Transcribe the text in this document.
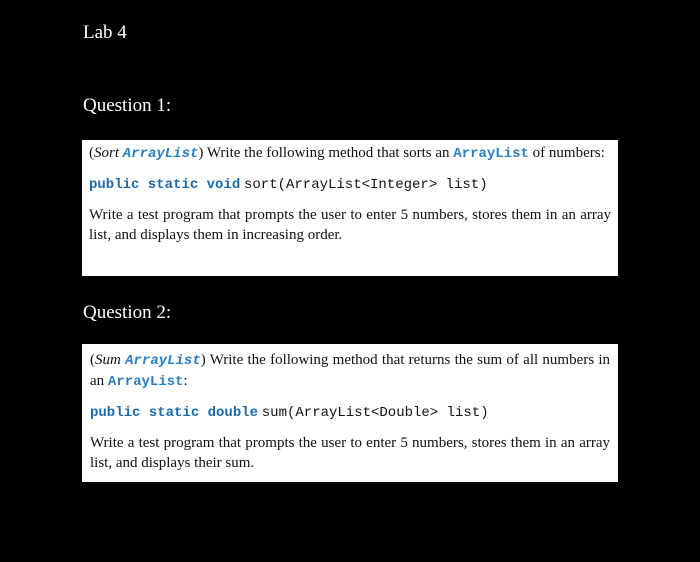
Lab 4
Question 1:

(Sort ArrayList) Write the following method that sorts an ArrayList of numbers:

public static void sort(ArrayList<Integer> list)

Write a test program that prompts the user to enter 5 numbers, stores them in an array list, and displays them in increasing order.

Question 2:

(Sum ArrayList) Write the following method that returns the sum of all numbers in an ArrayList:

public static double sum(ArrayList<Double> list)

Write a test program that prompts the user to enter 5 numbers, stores them in an array list, and displays their sum.
